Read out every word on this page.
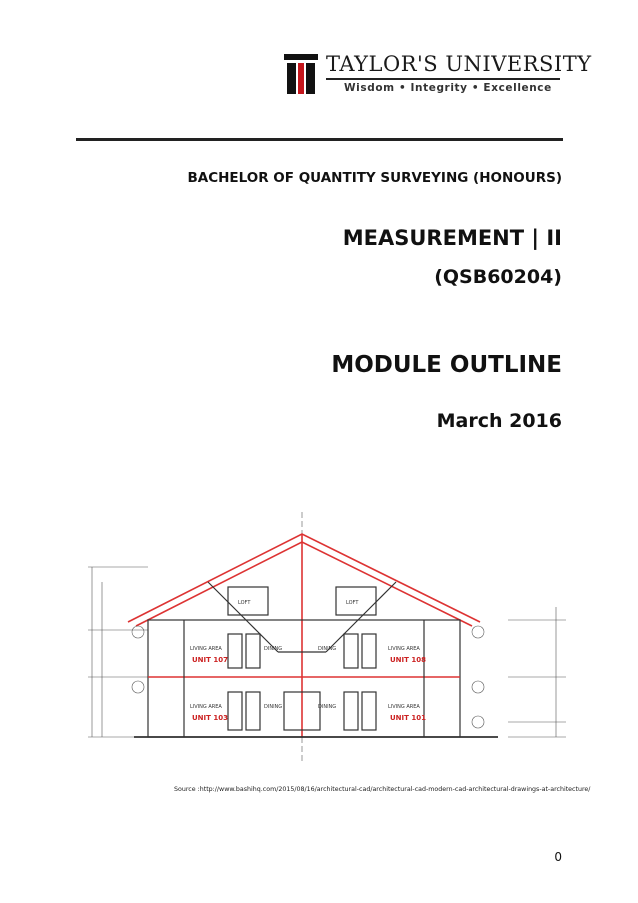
TAYLOR'S UNIVERSITY
Wisdom • Integrity • Excellence
BACHELOR OF QUANTITY SURVEYING (HONOURS)
MEASUREMENT | II
(QSB60204)
MODULE OUTLINE
March 2016
LIVING AREA
LIVING AREA
LIVING AREA
LIVING AREA
DINING
DINING
DINING
DINING
LOFT	LOFT
UNIT 107	UNIT 108
UNIT 103	UNIT 101
Source :http://www.bashihq.com/2015/08/16/architectural-cad/architectural-cad-modern-cad-architectural-drawings-at-architecture/
0
